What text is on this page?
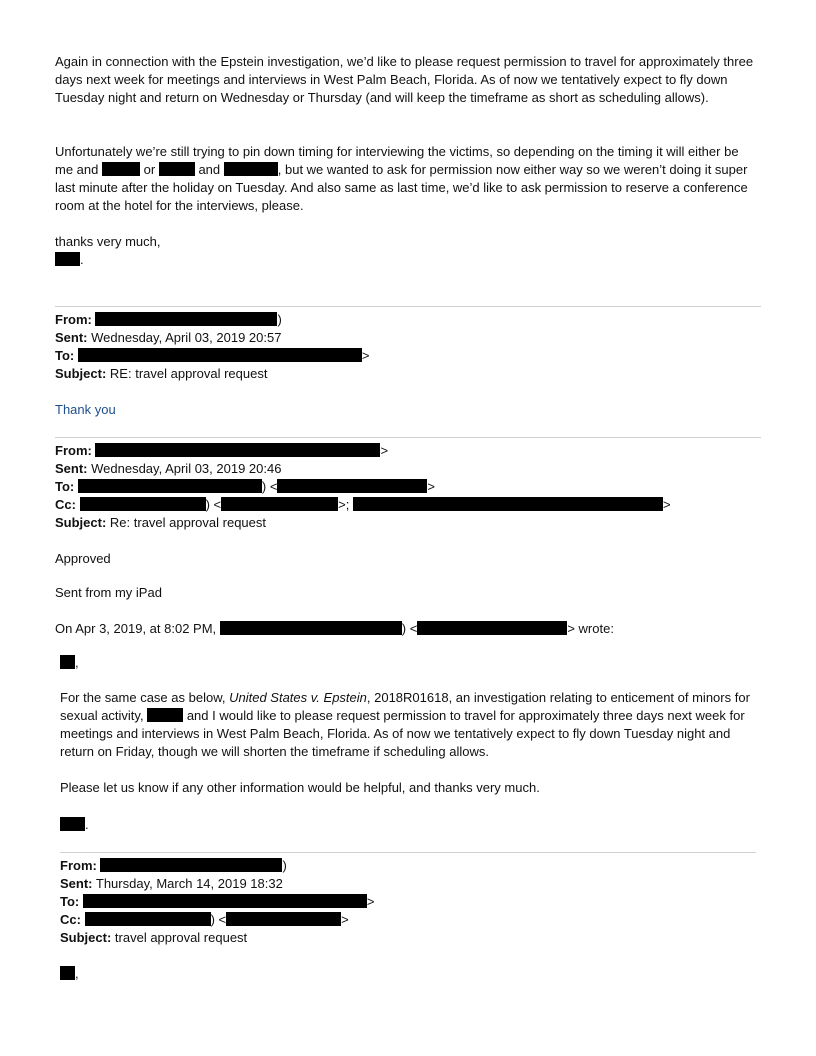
Again in connection with the Epstein investigation, we’d like to please request permission to travel for approximately three days next week for meetings and interviews in West Palm Beach, Florida. As of now we tentatively expect to fly down Tuesday night and return on Wednesday or Thursday (and will keep the timeframe as short as scheduling allows).

Unfortunately we’re still trying to pin down timing for interviewing the victims, so depending on the timing it will either be me and	or	and	, but we wanted to ask for permission now either way so we weren’t doing it super last minute after the holiday on Tuesday. And also same as last time, we’d like to ask permission to reserve a conference room at the hotel for the interviews, please.

thanks very much,
.
From:	)
Sent: Wednesday, April 03, 2019 20:57
To:	>
Subject: RE: travel approval request
Thank you
From:	>
Sent: Wednesday, April 03, 2019 20:46
To:	) <	>
Cc:	) <	>;	>
Subject: Re: travel approval request
Approved
Sent from my iPad
On Apr 3, 2019, at 8:02 PM,	) <	> wrote:
,

For the same case as below, United States v. Epstein, 2018R01618, an investigation relating to enticement of minors for sexual activity,	and I would like to please request permission to travel for approximately three days next week for meetings and interviews in West Palm Beach, Florida. As of now we tentatively expect to fly down Tuesday night and return on Friday, though we will shorten the timeframe if scheduling allows.

Please let us know if any other information would be helpful, and thanks very much.

.
From:	)
Sent: Thursday, March 14, 2019 18:32
To:	>
Cc:	) <	>
Subject: travel approval request
,
